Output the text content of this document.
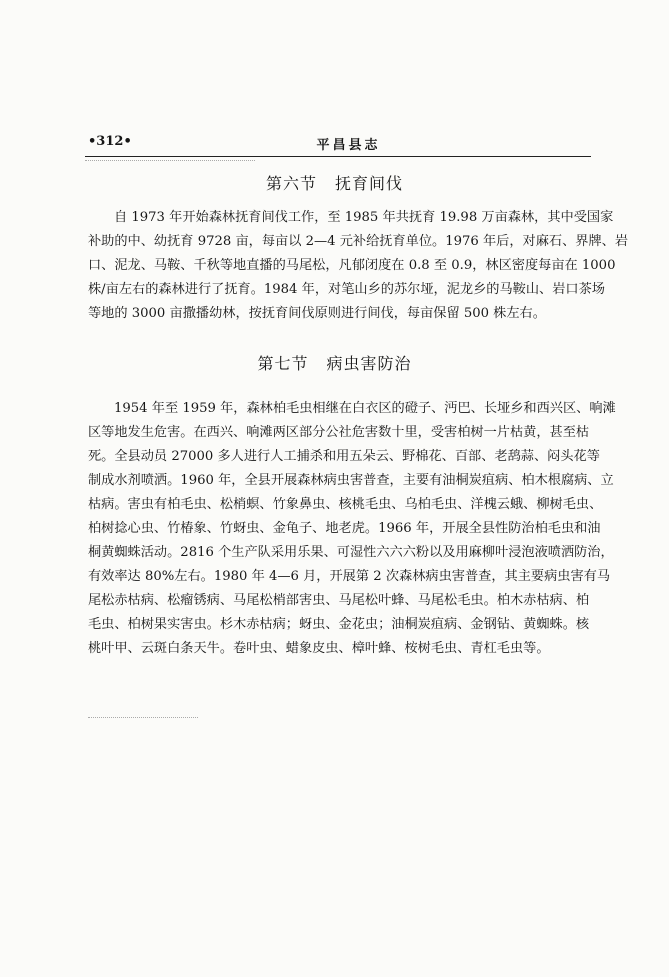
•312•	平昌县志
第六节 抚育间伐
自 1973 年开始森林抚育间伐工作，至 1985 年共抚育 19.98 万亩森林，其中受国家
补助的中、幼抚育 9728 亩，每亩以 2—4 元补给抚育单位。1976 年后，对麻石、界牌、岩
口、泥龙、马鞍、千秋等地直播的马尾松，凡郁闭度在 0.8 至 0.9，林区密度每亩在 1000
株/亩左右的森林进行了抚育。1984 年，对笔山乡的苏尔垭，泥龙乡的马鞍山、岩口茶场
等地的 3000 亩撒播幼林，按抚育间伐原则进行间伐，每亩保留 500 株左右。
第七节 病虫害防治
1954 年至 1959 年，森林柏毛虫相继在白衣区的磴子、沔巴、长垭乡和西兴区、响滩
区等地发生危害。在西兴、响滩两区部分公社危害数十里，受害柏树一片枯黄，甚至枯
死。全县动员 27000 多人进行人工捕杀和用五朵云、野棉花、百部、老鸹蒜、闷头花等
制成水剂喷洒。1960 年，全县开展森林病虫害普查，主要有油桐炭疽病、柏木根腐病、立
枯病。害虫有柏毛虫、松梢螟、竹象鼻虫、核桃毛虫、乌柏毛虫、洋槐云蛾、柳树毛虫、
柏树捻心虫、竹椿象、竹蚜虫、金龟子、地老虎。1966 年，开展全县性防治柏毛虫和油
桐黄蜘蛛活动。2816 个生产队采用乐果、可湿性六六六粉以及用麻柳叶浸泡液喷洒防治，
有效率达 80%左右。1980 年 4—6 月，开展第 2 次森林病虫害普查，其主要病虫害有马
尾松赤枯病、松瘤锈病、马尾松梢部害虫、马尾松叶蜂、马尾松毛虫。柏木赤枯病、柏
毛虫、柏树果实害虫。杉木赤枯病；蚜虫、金花虫；油桐炭疽病、金钢钻、黄蜘蛛。核
桃叶甲、云斑白条天牛。卷叶虫、蜡象皮虫、樟叶蜂、桉树毛虫、青杠毛虫等。
